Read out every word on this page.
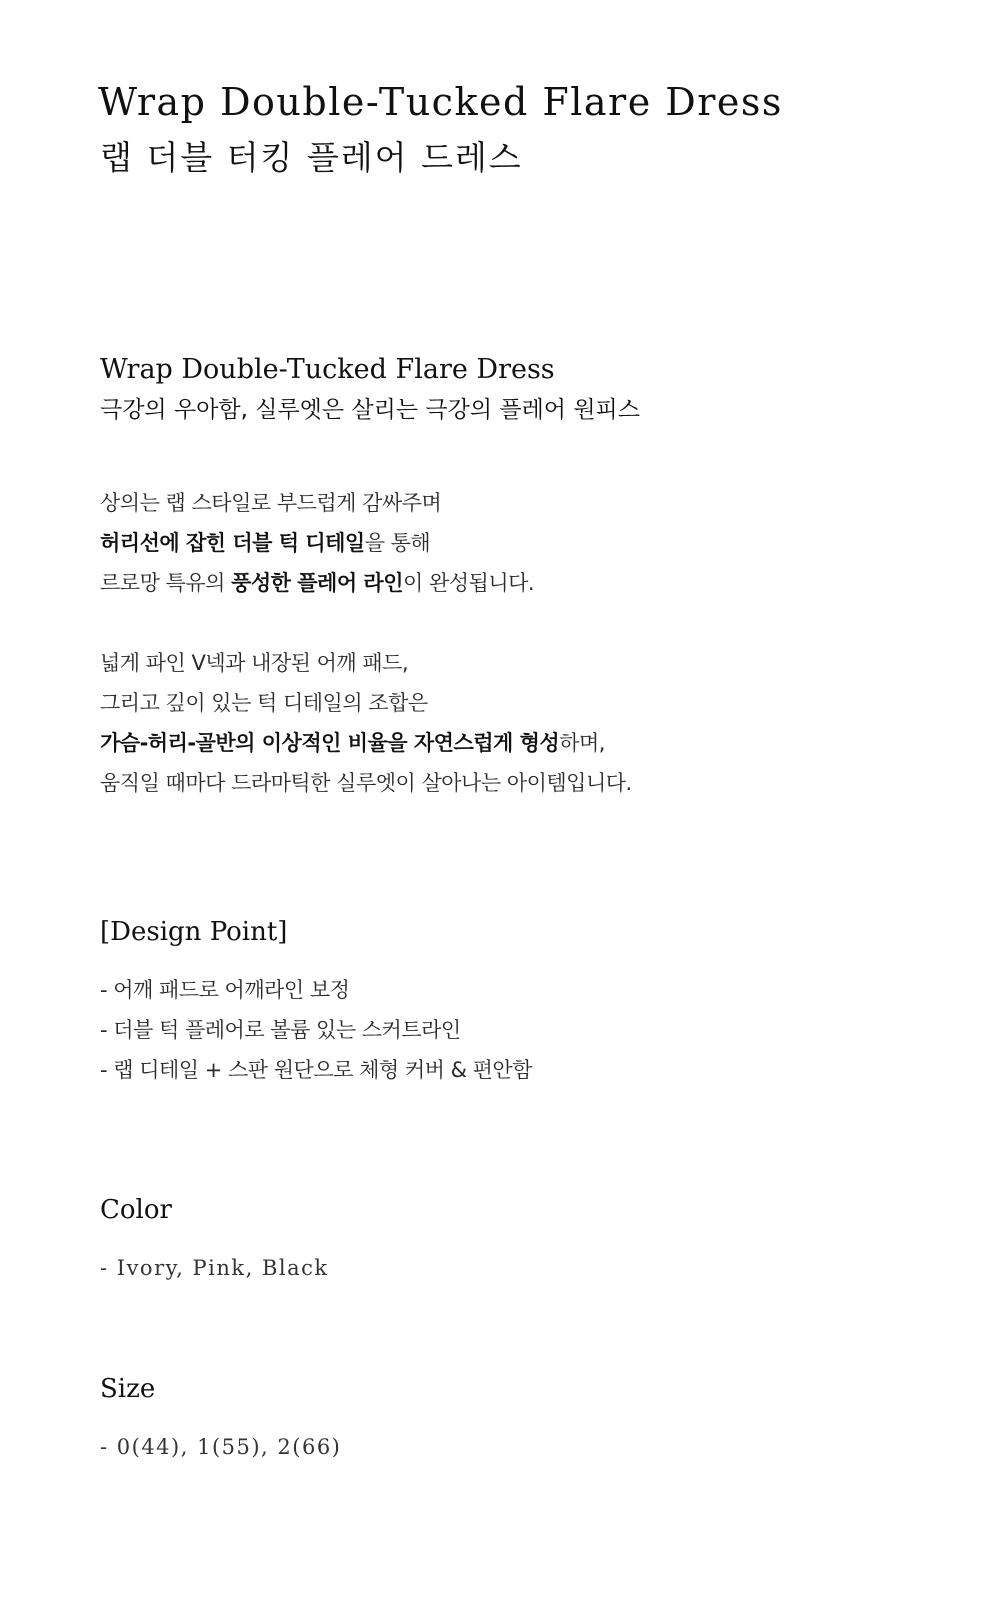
Wrap Double-Tucked Flare Dress
랩 더블 터킹 플레어 드레스

Wrap Double-Tucked Flare Dress

극강의 우아함, 실루엣은 살리는 극강의 플레어 원피스

상의는 랩 스타일로 부드럽게 감싸주며

허리선에 잡힌 더블 턱 디테일을 통해

르로망 특유의 풍성한 플레어 라인이 완성됩니다.

넓게 파인 V넥과 내장된 어깨 패드,

그리고 깊이 있는 턱 디테일의 조합은

가슴-허리-골반의 이상적인 비율을 자연스럽게 형성하며,

움직일 때마다 드라마틱한 실루엣이 살아나는 아이템입니다.

[Design Point]

- 어깨 패드로 어깨라인 보정

- 더블 턱 플레어로 볼륨 있는 스커트라인

- 랩 디테일 + 스판 원단으로 체형 커버 & 편안함

Color

- Ivory, Pink, Black

Size

- 0(44), 1(55), 2(66)
